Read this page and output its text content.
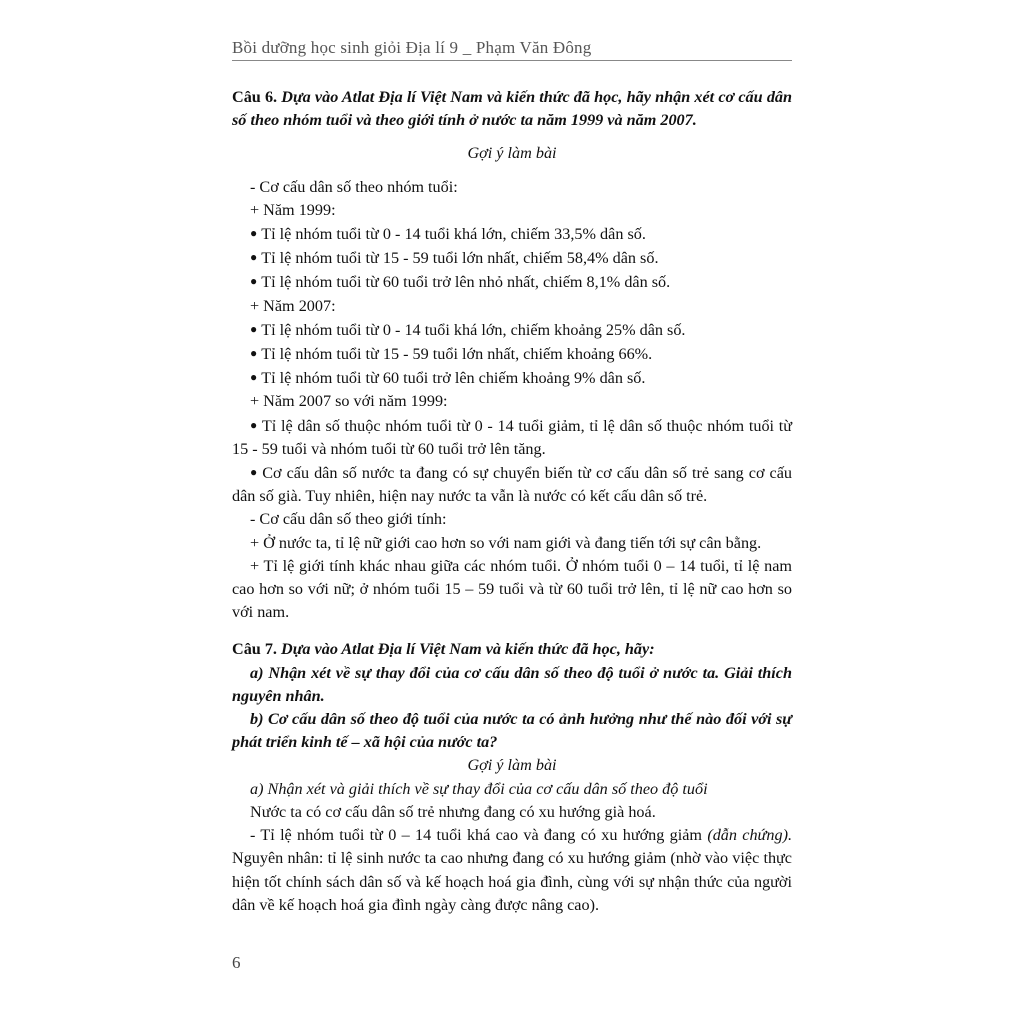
Bồi dưỡng học sinh giỏi Địa lí 9 _ Phạm Văn Đông

Câu 6. Dựa vào Atlat Địa lí Việt Nam và kiến thức đã học, hãy nhận xét cơ cấu dân số theo nhóm tuổi và theo giới tính ở nước ta năm 1999 và năm 2007.

Gợi ý làm bài

- Cơ cấu dân số theo nhóm tuổi:

+ Năm 1999:

● Tỉ lệ nhóm tuổi từ 0 - 14 tuổi khá lớn, chiếm 33,5% dân số.

● Tỉ lệ nhóm tuổi từ 15 - 59 tuổi lớn nhất, chiếm 58,4% dân số.

● Tỉ lệ nhóm tuổi từ 60 tuổi trở lên nhỏ nhất, chiếm 8,1% dân số.

+ Năm 2007:

● Tỉ lệ nhóm tuổi từ 0 - 14 tuổi khá lớn, chiếm khoảng 25% dân số.

● Tỉ lệ nhóm tuổi từ 15 - 59 tuổi lớn nhất, chiếm khoảng 66%.

● Tỉ lệ nhóm tuổi từ 60 tuổi trở lên chiếm khoảng 9% dân số.

+ Năm 2007 so với năm 1999:

● Tỉ lệ dân số thuộc nhóm tuổi từ 0 - 14 tuổi giảm, tỉ lệ dân số thuộc nhóm tuổi từ 15 - 59 tuổi và nhóm tuổi từ 60 tuổi trở lên tăng.

● Cơ cấu dân số nước ta đang có sự chuyển biến từ cơ cấu dân số trẻ sang cơ cấu dân số già. Tuy nhiên, hiện nay nước ta vẫn là nước có kết cấu dân số trẻ.

- Cơ cấu dân số theo giới tính:

+ Ở nước ta, tỉ lệ nữ giới cao hơn so với nam giới và đang tiến tới sự cân bằng.

+ Tỉ lệ giới tính khác nhau giữa các nhóm tuổi. Ở nhóm tuổi 0 – 14 tuổi, tỉ lệ nam cao hơn so với nữ; ở nhóm tuổi 15 – 59 tuổi và từ 60 tuổi trở lên, tỉ lệ nữ cao hơn so với nam.

Câu 7. Dựa vào Atlat Địa lí Việt Nam và kiến thức đã học, hãy:

a) Nhận xét về sự thay đổi của cơ cấu dân số theo độ tuổi ở nước ta. Giải thích nguyên nhân.

b) Cơ cấu dân số theo độ tuổi của nước ta có ảnh hưởng như thế nào đối với sự phát triển kinh tế – xã hội của nước ta?

Gợi ý làm bài

a) Nhận xét và giải thích về sự thay đổi của cơ cấu dân số theo độ tuổi

Nước ta có cơ cấu dân số trẻ nhưng đang có xu hướng già hoá.

- Tỉ lệ nhóm tuổi từ 0 – 14 tuổi khá cao và đang có xu hướng giảm (dẫn chứng). Nguyên nhân: tỉ lệ sinh nước ta cao nhưng đang có xu hướng giảm (nhờ vào việc thực hiện tốt chính sách dân số và kế hoạch hoá gia đình, cùng với sự nhận thức của người dân về kế hoạch hoá gia đình ngày càng được nâng cao).

6
